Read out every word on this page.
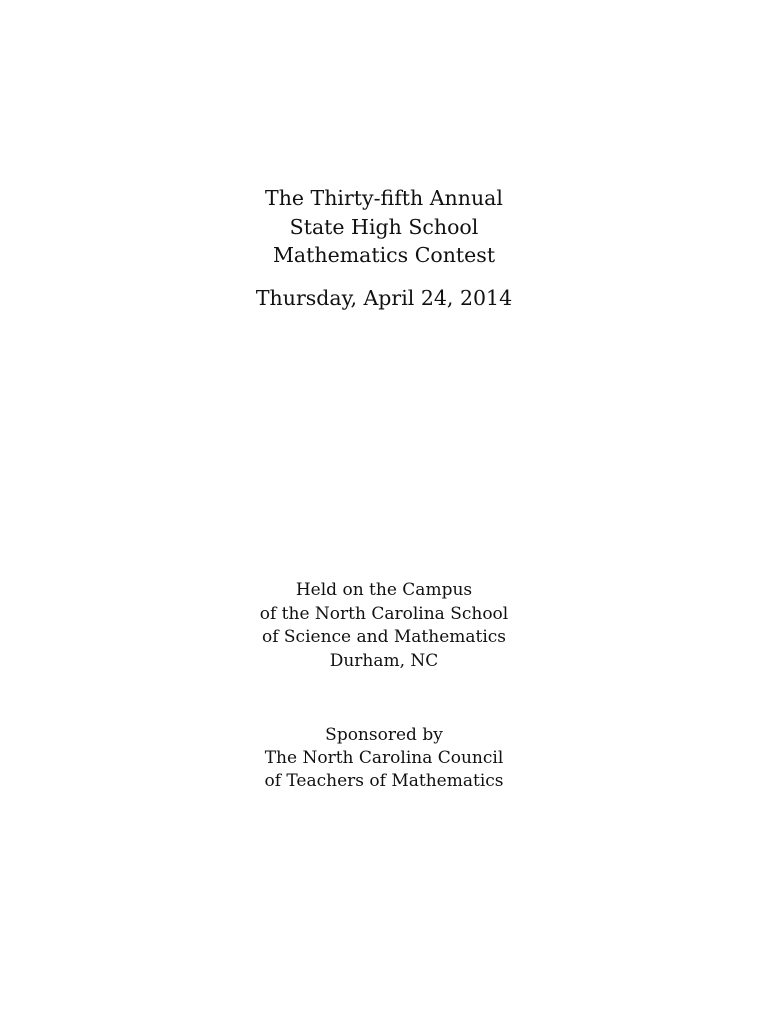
The Thirty-fifth Annual
State High School
Mathematics Contest
Thursday, April 24, 2014
Held on the Campus
of the North Carolina School
of Science and Mathematics
Durham, NC
Sponsored by
The North Carolina Council
of Teachers of Mathematics
